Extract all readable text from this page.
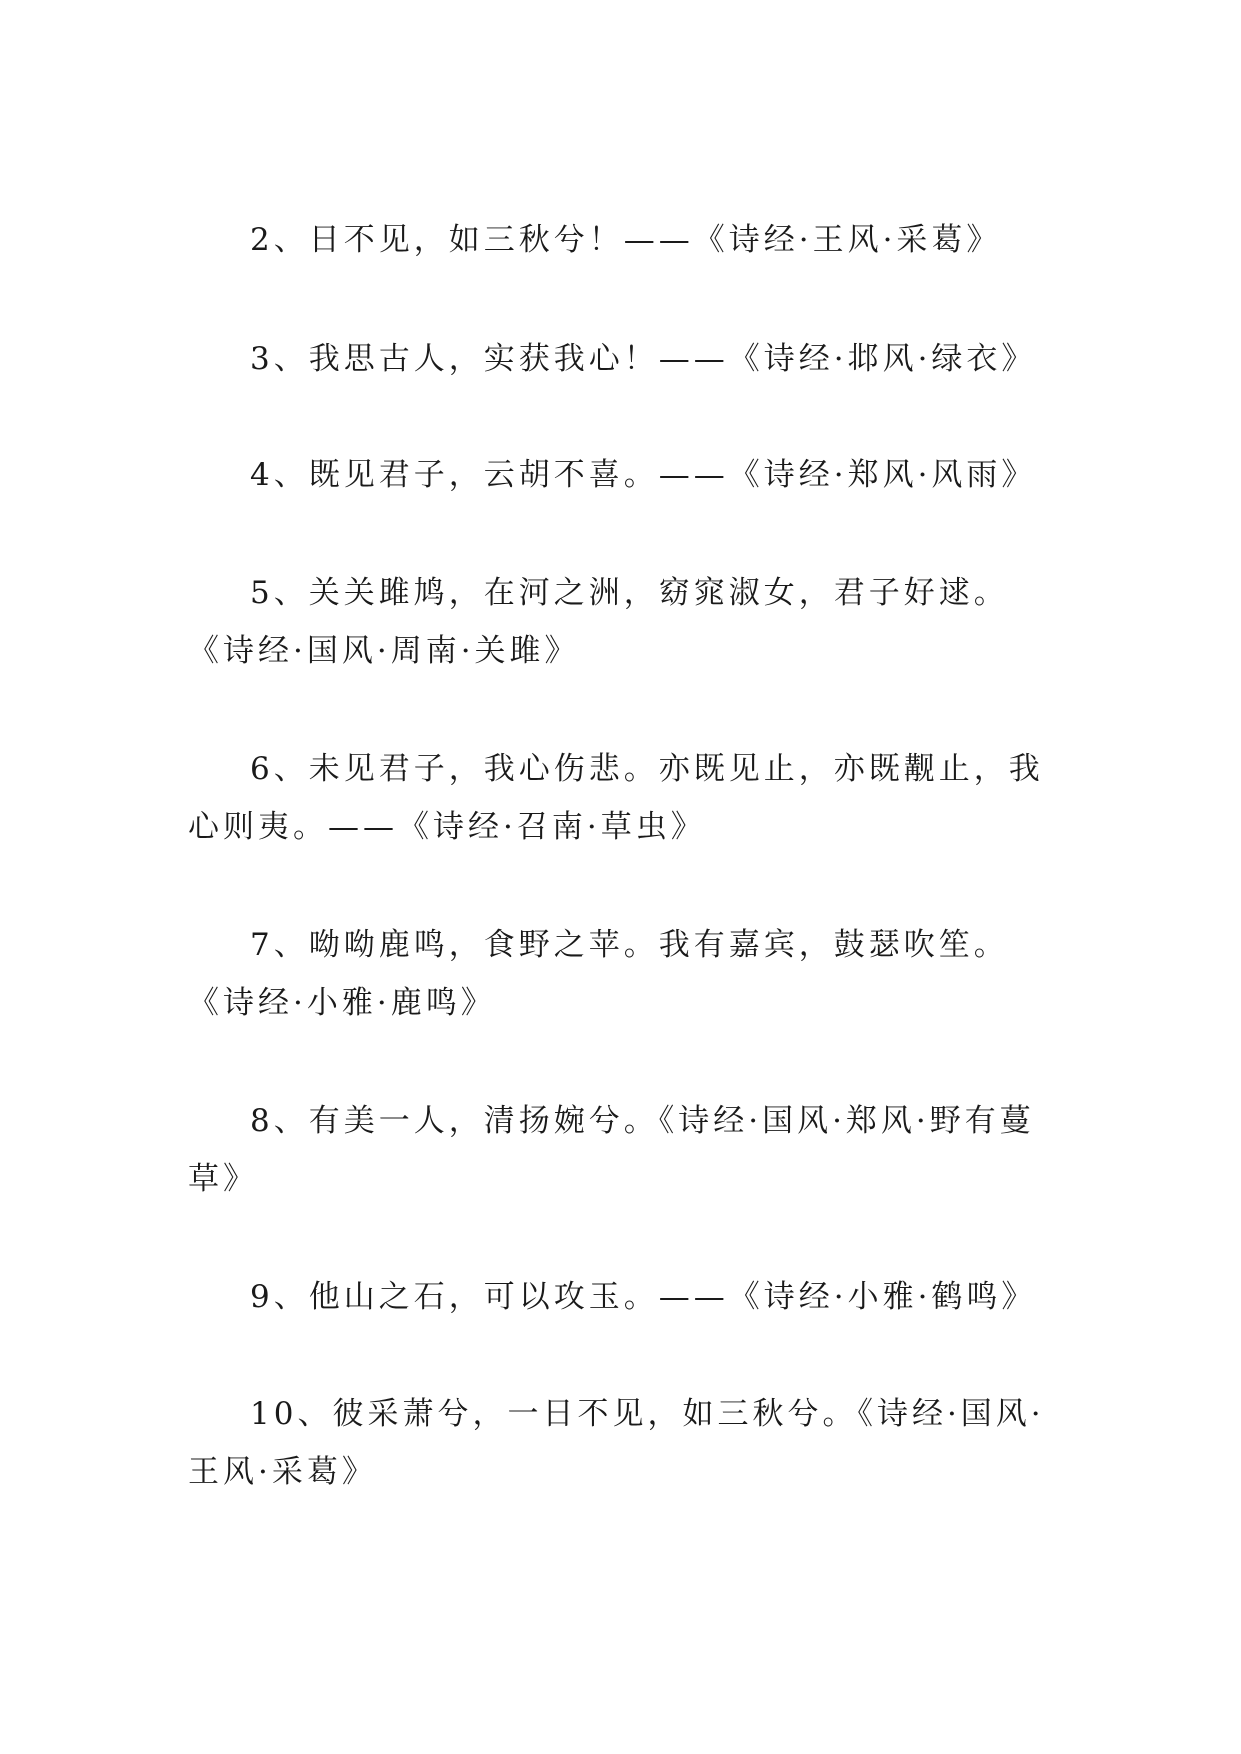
2、日不见，如三秋兮！——《诗经·王风·采葛》

3、我思古人，实获我心！——《诗经·邶风·绿衣》

4、既见君子，云胡不喜。——《诗经·郑风·风雨》

5、关关雎鸠，在河之洲，窈窕淑女，君子好逑。《诗经·国风·周南·关雎》

6、未见君子，我心伤悲。亦既见止，亦既觏止，我心则夷。——《诗经·召南·草虫》

7、呦呦鹿鸣，食野之苹。我有嘉宾，鼓瑟吹笙。《诗经·小雅·鹿鸣》

8、有美一人，清扬婉兮。《诗经·国风·郑风·野有蔓草》

9、他山之石，可以攻玉。——《诗经·小雅·鹤鸣》

10、彼采萧兮，一日不见，如三秋兮。《诗经·国风·王风·采葛》
